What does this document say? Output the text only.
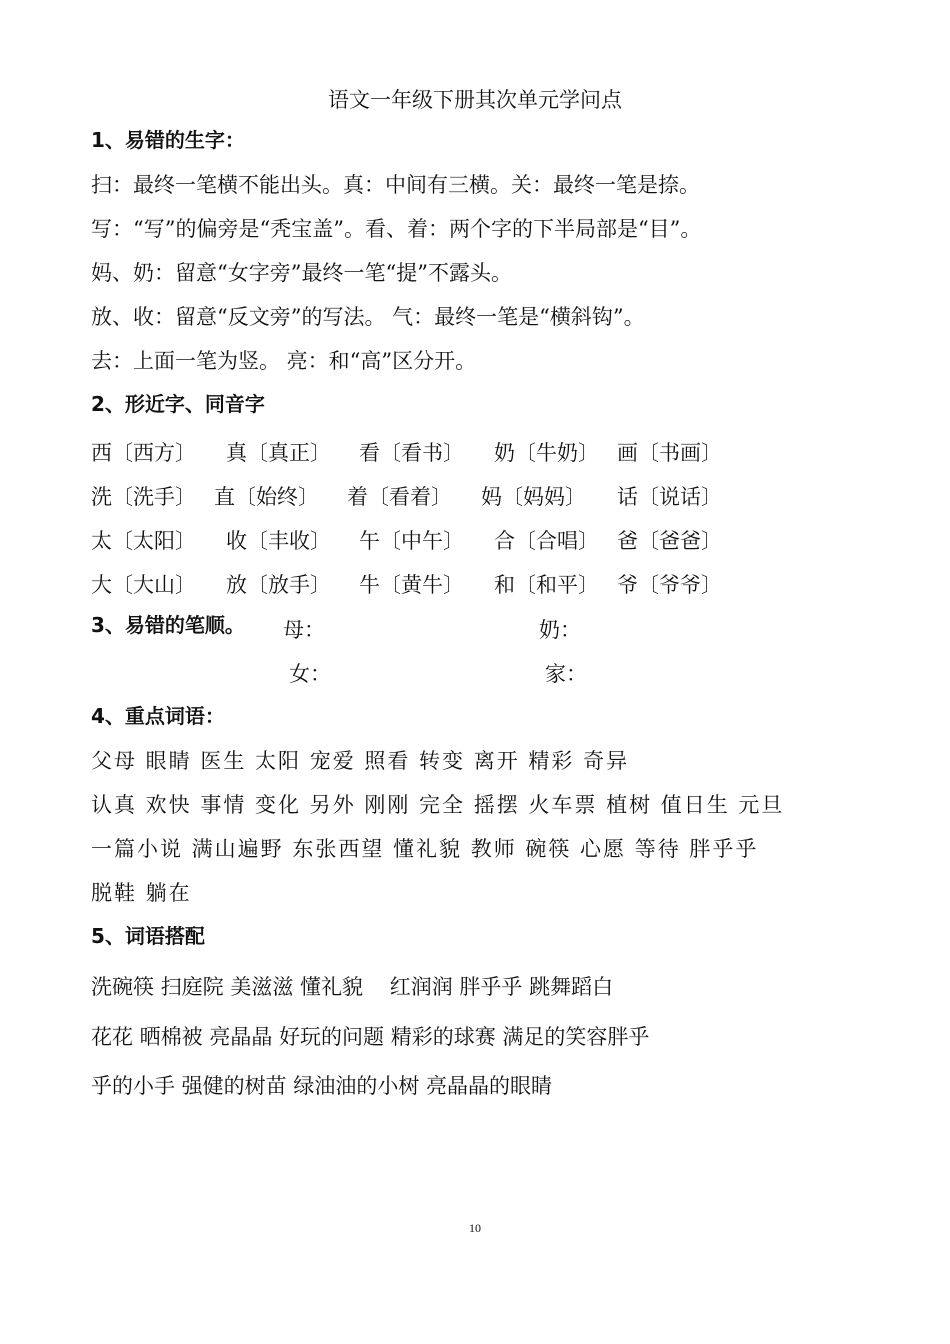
语文一年级下册其次单元学问点
1、易错的生字：
扫：最终一笔横不能出头。真：中间有三横。关：最终一笔是捺。
写：“写”的偏旁是“秃宝盖”。看、着：两个字的下半局部是“目”。
妈、奶：留意“女字旁”最终一笔“提”不露头。
放、收：留意“反文旁”的写法。 气：最终一笔是“横斜钩”。
去：上面一笔为竖。 亮：和“高”区分开。
2、形近字、同音字
西〔西方〕 真〔真正〕 看〔看书〕 奶〔牛奶〕 画〔书画〕
洗〔洗手〕 直〔始终〕 着〔看着〕 妈〔妈妈〕 话〔说话〕
太〔太阳〕 收〔丰收〕 午〔中午〕 合〔合唱〕 爸〔爸爸〕
大〔大山〕 放〔放手〕 牛〔黄牛〕 和〔和平〕 爷〔爷爷〕
3、易错的笔顺。 母：	奶：
女：	家：
4、重点词语：
父母 眼睛 医生 太阳 宠爱 照看 转变 离开 精彩 奇异
认真 欢快 事情 变化 另外 刚刚 完全 摇摆 火车票 植树 值日生 元旦
一篇小说 满山遍野 东张西望 懂礼貌 教师 碗筷 心愿 等待 胖乎乎
脱鞋 躺在
5、词语搭配
洗碗筷 扫庭院 美滋滋 懂礼貌    红润润 胖乎乎 跳舞蹈白
花花 晒棉被 亮晶晶 好玩的问题 精彩的球赛 满足的笑容胖乎
乎的小手 强健的树苗 绿油油的小树 亮晶晶的眼睛
10
